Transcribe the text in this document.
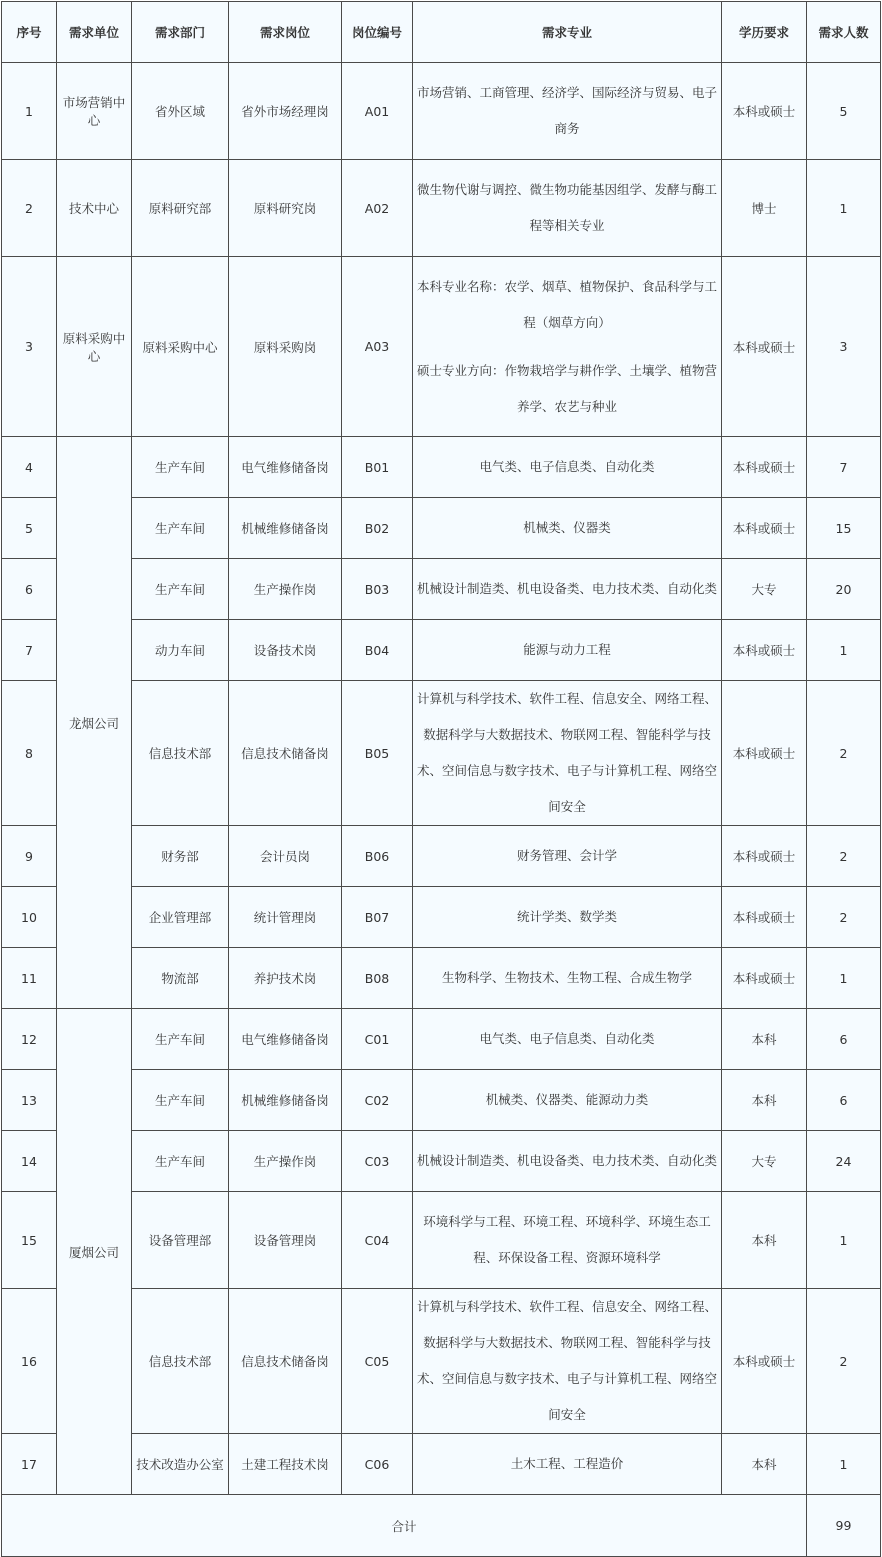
序号	需求单位	需求部门	需求岗位	岗位编号	需求专业	学历要求	需求人数
1	市场营销中心	省外区域	省外市场经理岗	A01	市场营销、工商管理、经济学、国际经济与贸易、电子商务	本科或硕士	5
2	技术中心	原料研究部	原料研究岗	A02	微生物代谢与调控、微生物功能基因组学、发酵与酶工程等相关专业	博士	1
3	原料采购中心	原料采购中心	原料采购岗	A03	本科专业名称：农学、烟草、植物保护、食品科学与工程（烟草方向）
硕士专业方向：作物栽培学与耕作学、土壤学、植物营养学、农艺与种业	本科或硕士	3
4	龙烟公司	生产车间	电气维修储备岗	B01	电气类、电子信息类、自动化类	本科或硕士	7
5		生产车间	机械维修储备岗	B02	机械类、仪器类	本科或硕士	15
6		生产车间	生产操作岗	B03	机械设计制造类、机电设备类、电力技术类、自动化类	大专	20
7		动力车间	设备技术岗	B04	能源与动力工程	本科或硕士	1
8		信息技术部	信息技术储备岗	B05	计算机与科学技术、软件工程、信息安全、网络工程、数据科学与大数据技术、物联网工程、智能科学与技术、空间信息与数字技术、电子与计算机工程、网络空间安全	本科或硕士	2
9		财务部	会计员岗	B06	财务管理、会计学	本科或硕士	2
10		企业管理部	统计管理岗	B07	统计学类、数学类	本科或硕士	2
11		物流部	养护技术岗	B08	生物科学、生物技术、生物工程、合成生物学	本科或硕士	1
12	厦烟公司	生产车间	电气维修储备岗	C01	电气类、电子信息类、自动化类	本科	6
13		生产车间	机械维修储备岗	C02	机械类、仪器类、能源动力类	本科	6
14		生产车间	生产操作岗	C03	机械设计制造类、机电设备类、电力技术类、自动化类	大专	24
15		设备管理部	设备管理岗	C04	环境科学与工程、环境工程、环境科学、环境生态工程、环保设备工程、资源环境科学	本科	1
16		信息技术部	信息技术储备岗	C05	计算机与科学技术、软件工程、信息安全、网络工程、数据科学与大数据技术、物联网工程、智能科学与技术、空间信息与数字技术、电子与计算机工程、网络空间安全	本科或硕士	2
17		技术改造办公室	土建工程技术岗	C06	土木工程、工程造价	本科	1
合计							99
